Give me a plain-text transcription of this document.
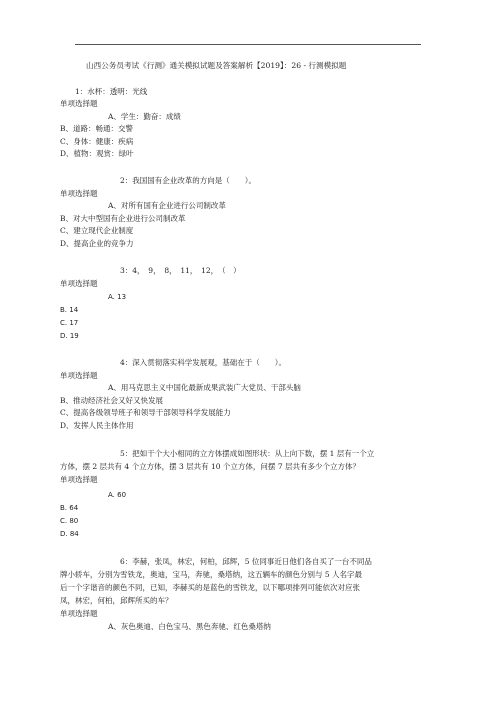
山西公务员考试《行测》通关模拟试题及答案解析【2019】：26 - 行测模拟题
1：水杯：透明：光线
单项选择题
A、学生：勤奋：成绩
B、道路：畅通：交警
C、身体：健康：疾病
D、植物：观赏：绿叶
2：我国国有企业改革的方向是（　　）。
单项选择题
A、对所有国有企业进行公司制改革
B、对大中型国有企业进行公司制改革
C、建立现代企业制度
D、提高企业的竞争力
3：4，　9，　8，　11，　12，　（　）
单项选择题
A. 13
B. 14
C. 17
D. 19
4：深入贯彻落实科学发展观，基础在于（　　）。
单项选择题
A、用马克思主义中国化最新成果武装广大党员、干部头脑
B、推动经济社会又好又快发展
C、提高各级领导班子和领导干部领导科学发展能力
D、发挥人民主体作用
5：把如干个大小相同的立方体摆成如图形状：从上向下数，摆 1 层有一个立
方体，摆 2 层共有 4 个立方体，摆 3 层共有 10 个立方体，问摆 7 层共有多少个立方体？
单项选择题
A. 60
B. 64
C. 80
D. 84
6：李赫，张凤，林宏，何柏，邱辉，5 位同事近日他们各自买了一台不同品
牌小轿车，分别为雪铁龙，奥迪，宝马，奔驰，桑塔纳，这五辆车的颜色分别与 5 人名字最
后一个字谐音的颜色不同，已知，李赫买的是蓝色的雪铁龙，以下哪项排列可能依次对应张
凤，林宏，何柏，邱辉所买的车？
单项选择题
A、灰色奥迪、白色宝马、黑色奔驰、红色桑塔纳
